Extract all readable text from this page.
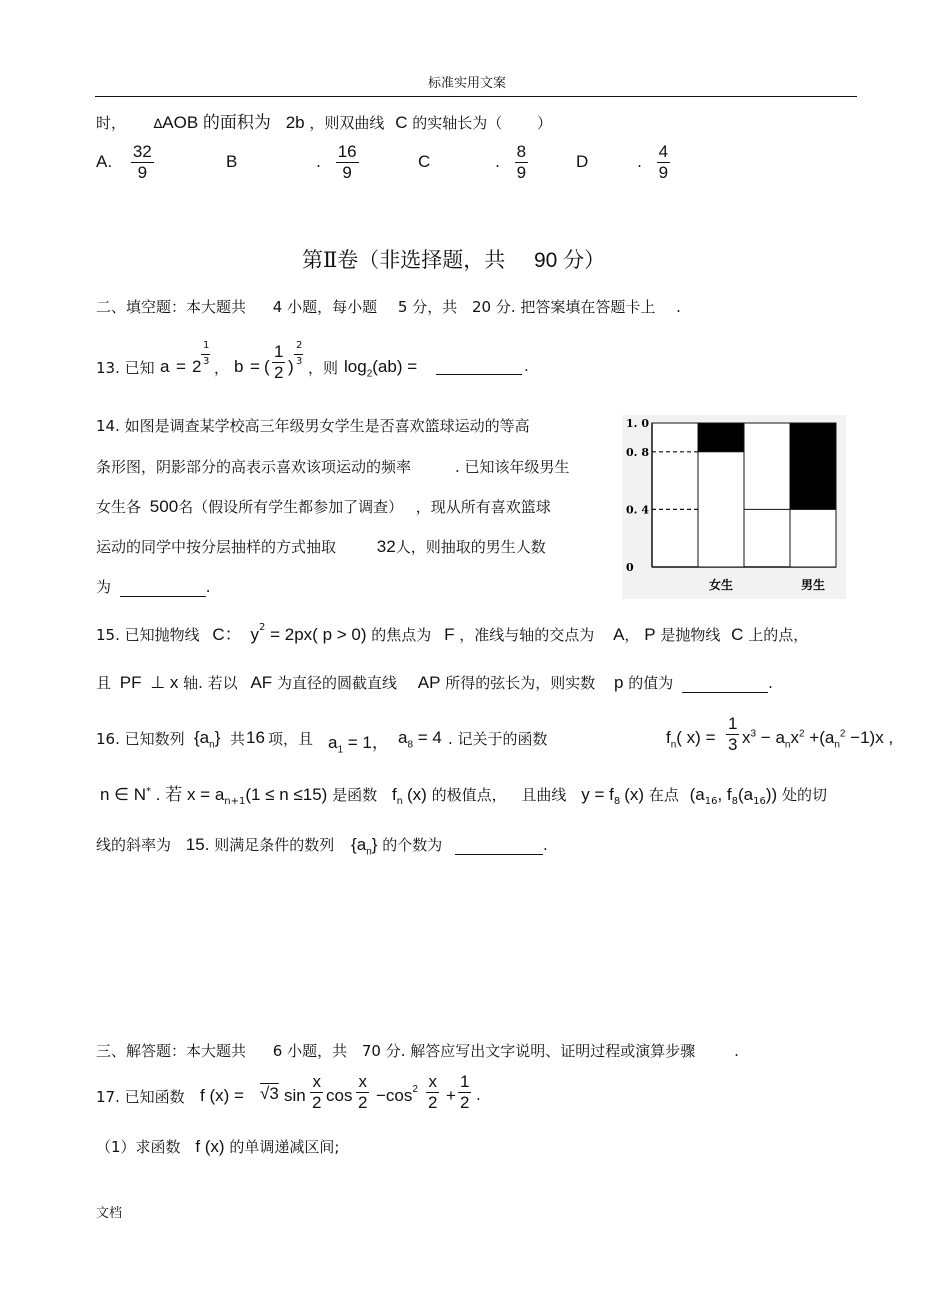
标准实用文案
时， ∆AOB 的面积为 2b ，则双曲线 C 的实轴长为（ ）
A. $\frac{32}{9}$	B	. $\frac{16}{9}$	C	. $\frac{8}{9}$	D	. $\frac{4}{9}$
第Ⅱ卷（非选择题，共 90 分）
二、填空题：本大题共 4 小题，每小题 5 分，共 20 分. 把答案填在答题卡上 .
13. 已知 a = 2
1
3 ， b = ( $\frac{1}{2}$ )
2
3 ，则 $\log_2(ab)$ =	.
14. 如图是调查某学校高三年级男女学生是否喜欢篮球运动的等高
条形图，阴影部分的高表示喜欢该项运动的频率	. 已知该年级男生
女生各 500名（假设所有学生都参加了调查） ，现从所有喜欢篮球
运动的同学中按分层抽样的方式抽取 32人，则抽取的男生人数
为	.
0
0. 4
0. 8
1. 0
女生	男生
15. 已知抛物线 C： $y^2 = 2px$( p > 0) 的焦点为 F ，准线与轴的交点为 A， P 是抛物线 C 上的点，
且 PF ⊥ x 轴. 若以 AF 为直径的圆截直线 AP 所得的弦长为，则实数 p 的值为	.
16. 已知数列 $\{a_n\}$ 共 16 项，且 $a_1 = 1$， $a_8 = 4$ . 记关于的函数	$f_n$( $x) = \frac{1}{3} x^3 - a_nx^2 +(a_n^2 -1)x$ ,
n ∈ N* . 若 $x = a_{n+1}(1 \le n \le 15)$ 是函数 $f_n$ (x) 的极值点， 且曲线 $y = f_8$ (x) 在点 ($a_{16}$, $f_8(a_{16})$) 处的切
线的斜率为 15. 则满足条件的数列 $\{a_n\}$ 的个数为	.
三、解答题：本大题共 6 小题，共 70 分. 解答应写出文字说明、证明过程或演算步骤	.
17. 已知函数 f (x) = √3 $\sin \frac{x}{2}$ $\cos \frac{x}{2} -\cos^2 \frac{x}{2} + \frac{1}{2}$ .
（1）求函数 f (x) 的单调递减区间;
文档
